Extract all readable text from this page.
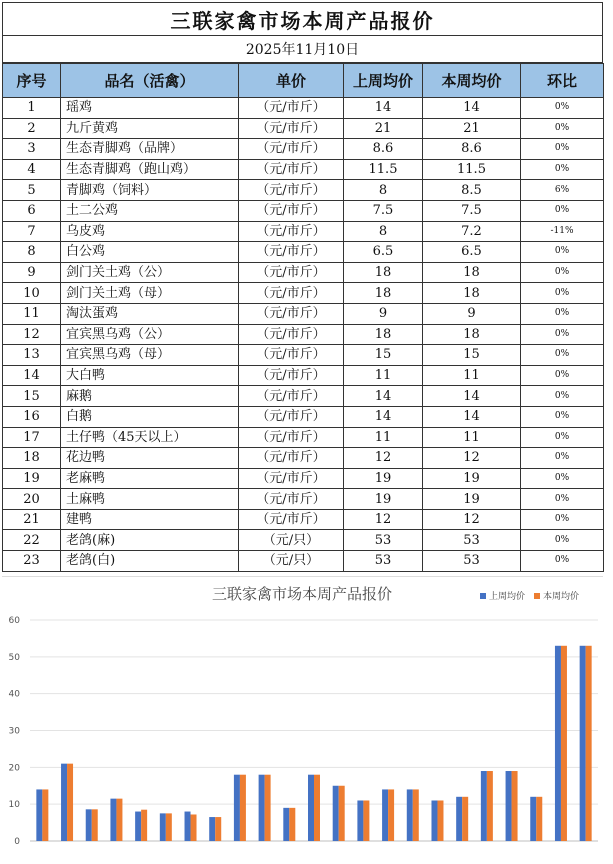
三联家禽市场本周产品报价
2025年11月10日
序号	品名（活禽）	单价	上周均价	本周均价	环比
1	瑶鸡	（元/市斤）	14	14	0%
2	九斤黄鸡	（元/市斤）	21	21	0%
3	生态青脚鸡（品牌）	（元/市斤）	8.6	8.6	0%
4	生态青脚鸡（跑山鸡）	（元/市斤）	11.5	11.5	0%
5	青脚鸡（饲料）	（元/市斤）	8	8.5	6%
6	土二公鸡	（元/市斤）	7.5	7.5	0%
7	乌皮鸡	（元/市斤）	8	7.2	-11%
8	白公鸡	（元/市斤）	6.5	6.5	0%
9	剑门关土鸡（公）	（元/市斤）	18	18	0%
10	剑门关土鸡（母）	（元/市斤）	18	18	0%
11	淘汰蛋鸡	（元/市斤）	9	9	0%
12	宜宾黑乌鸡（公）	（元/市斤）	18	18	0%
13	宜宾黑乌鸡（母）	（元/市斤）	15	15	0%
14	大白鸭	（元/市斤）	11	11	0%
15	麻鹅	（元/市斤）	14	14	0%
16	白鹅	（元/市斤）	14	14	0%
17	土仔鸭（45天以上）	（元/市斤）	11	11	0%
18	花边鸭	（元/市斤）	12	12	0%
19	老麻鸭	（元/市斤）	19	19	0%
20	土麻鸭	（元/市斤）	19	19	0%
21	建鸭	（元/市斤）	12	12	0%
22	老鸽(麻)	（元/只）	53	53	0%
23	老鸽(白)	（元/只）	53	53	0%
三联家禽市场本周产品报价	上周均价 本周均价
0
10
20
30
40
50
60
